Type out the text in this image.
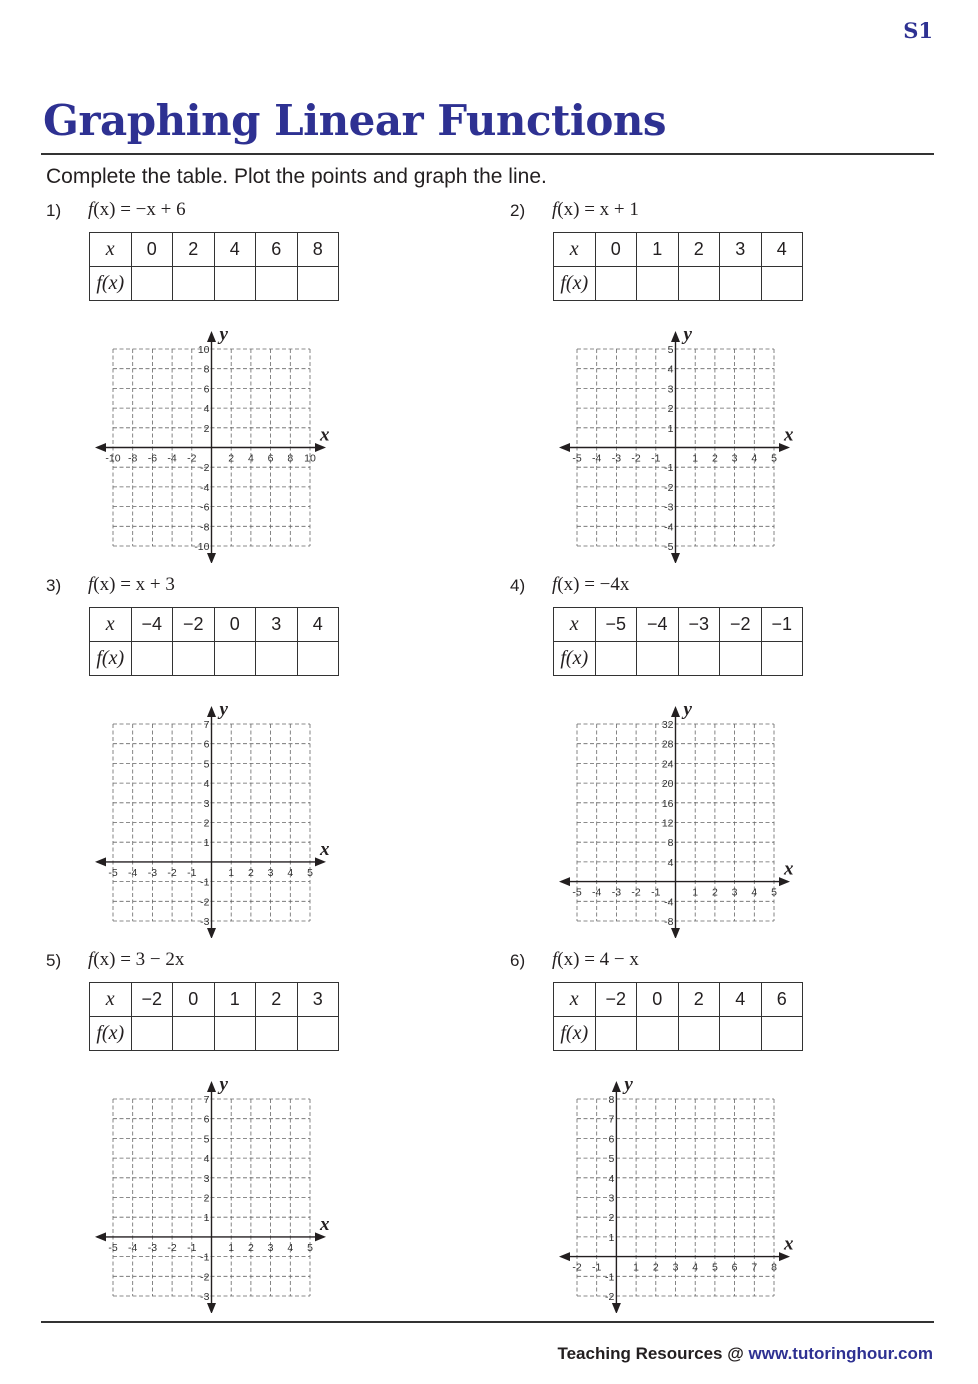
S1
Graphing Linear Functions
Complete the table. Plot the points and graph the line.
1) f(x) = −x + 6
x	0	2	4	6	8
f(x)					
x
y
-10 -8 -6 -4 -2	2 4 6 8 10
10
8
6
4
2
-2
-4
-6
-8
-10
2) f(x) = x + 1
x	0	1	2	3	4
f(x)					
x
y
-5 -4 -3 -2 -1	1 2 3 4 5
5
4
3
2
1
-1
-2
-3
-4
-5
3) f(x) = x + 3
x	−4	−2	0	3	4
f(x)					
x
y
-5 -4 -3 -2 -1	1 2 3 4 5
7
6
5
4
3
2
1
-1
-2
-3
4) f(x) = −4x
x	−5	−4	−3	−2	−1
f(x)					
x
y
-5 -4 -3 -2 -1	1 2 3 4 5
32
28
24
20
16
12
8
4
-4
-8
5) f(x) = 3 − 2x
x	−2	0	1	2	3
f(x)					
x
y
-5 -4 -3 -2 -1	1 2 3 4 5
7
6
5
4
3
2
1
-1
-2
-3
6) f(x) = 4 − x
x	−2	0	2	4	6
f(x)					
x
y
-2 -1	1 2 3 4 5 6 7 8
8
7
6
5
4
3
2
1
-1
-2
Teaching Resources @ www.tutoringhour.com
